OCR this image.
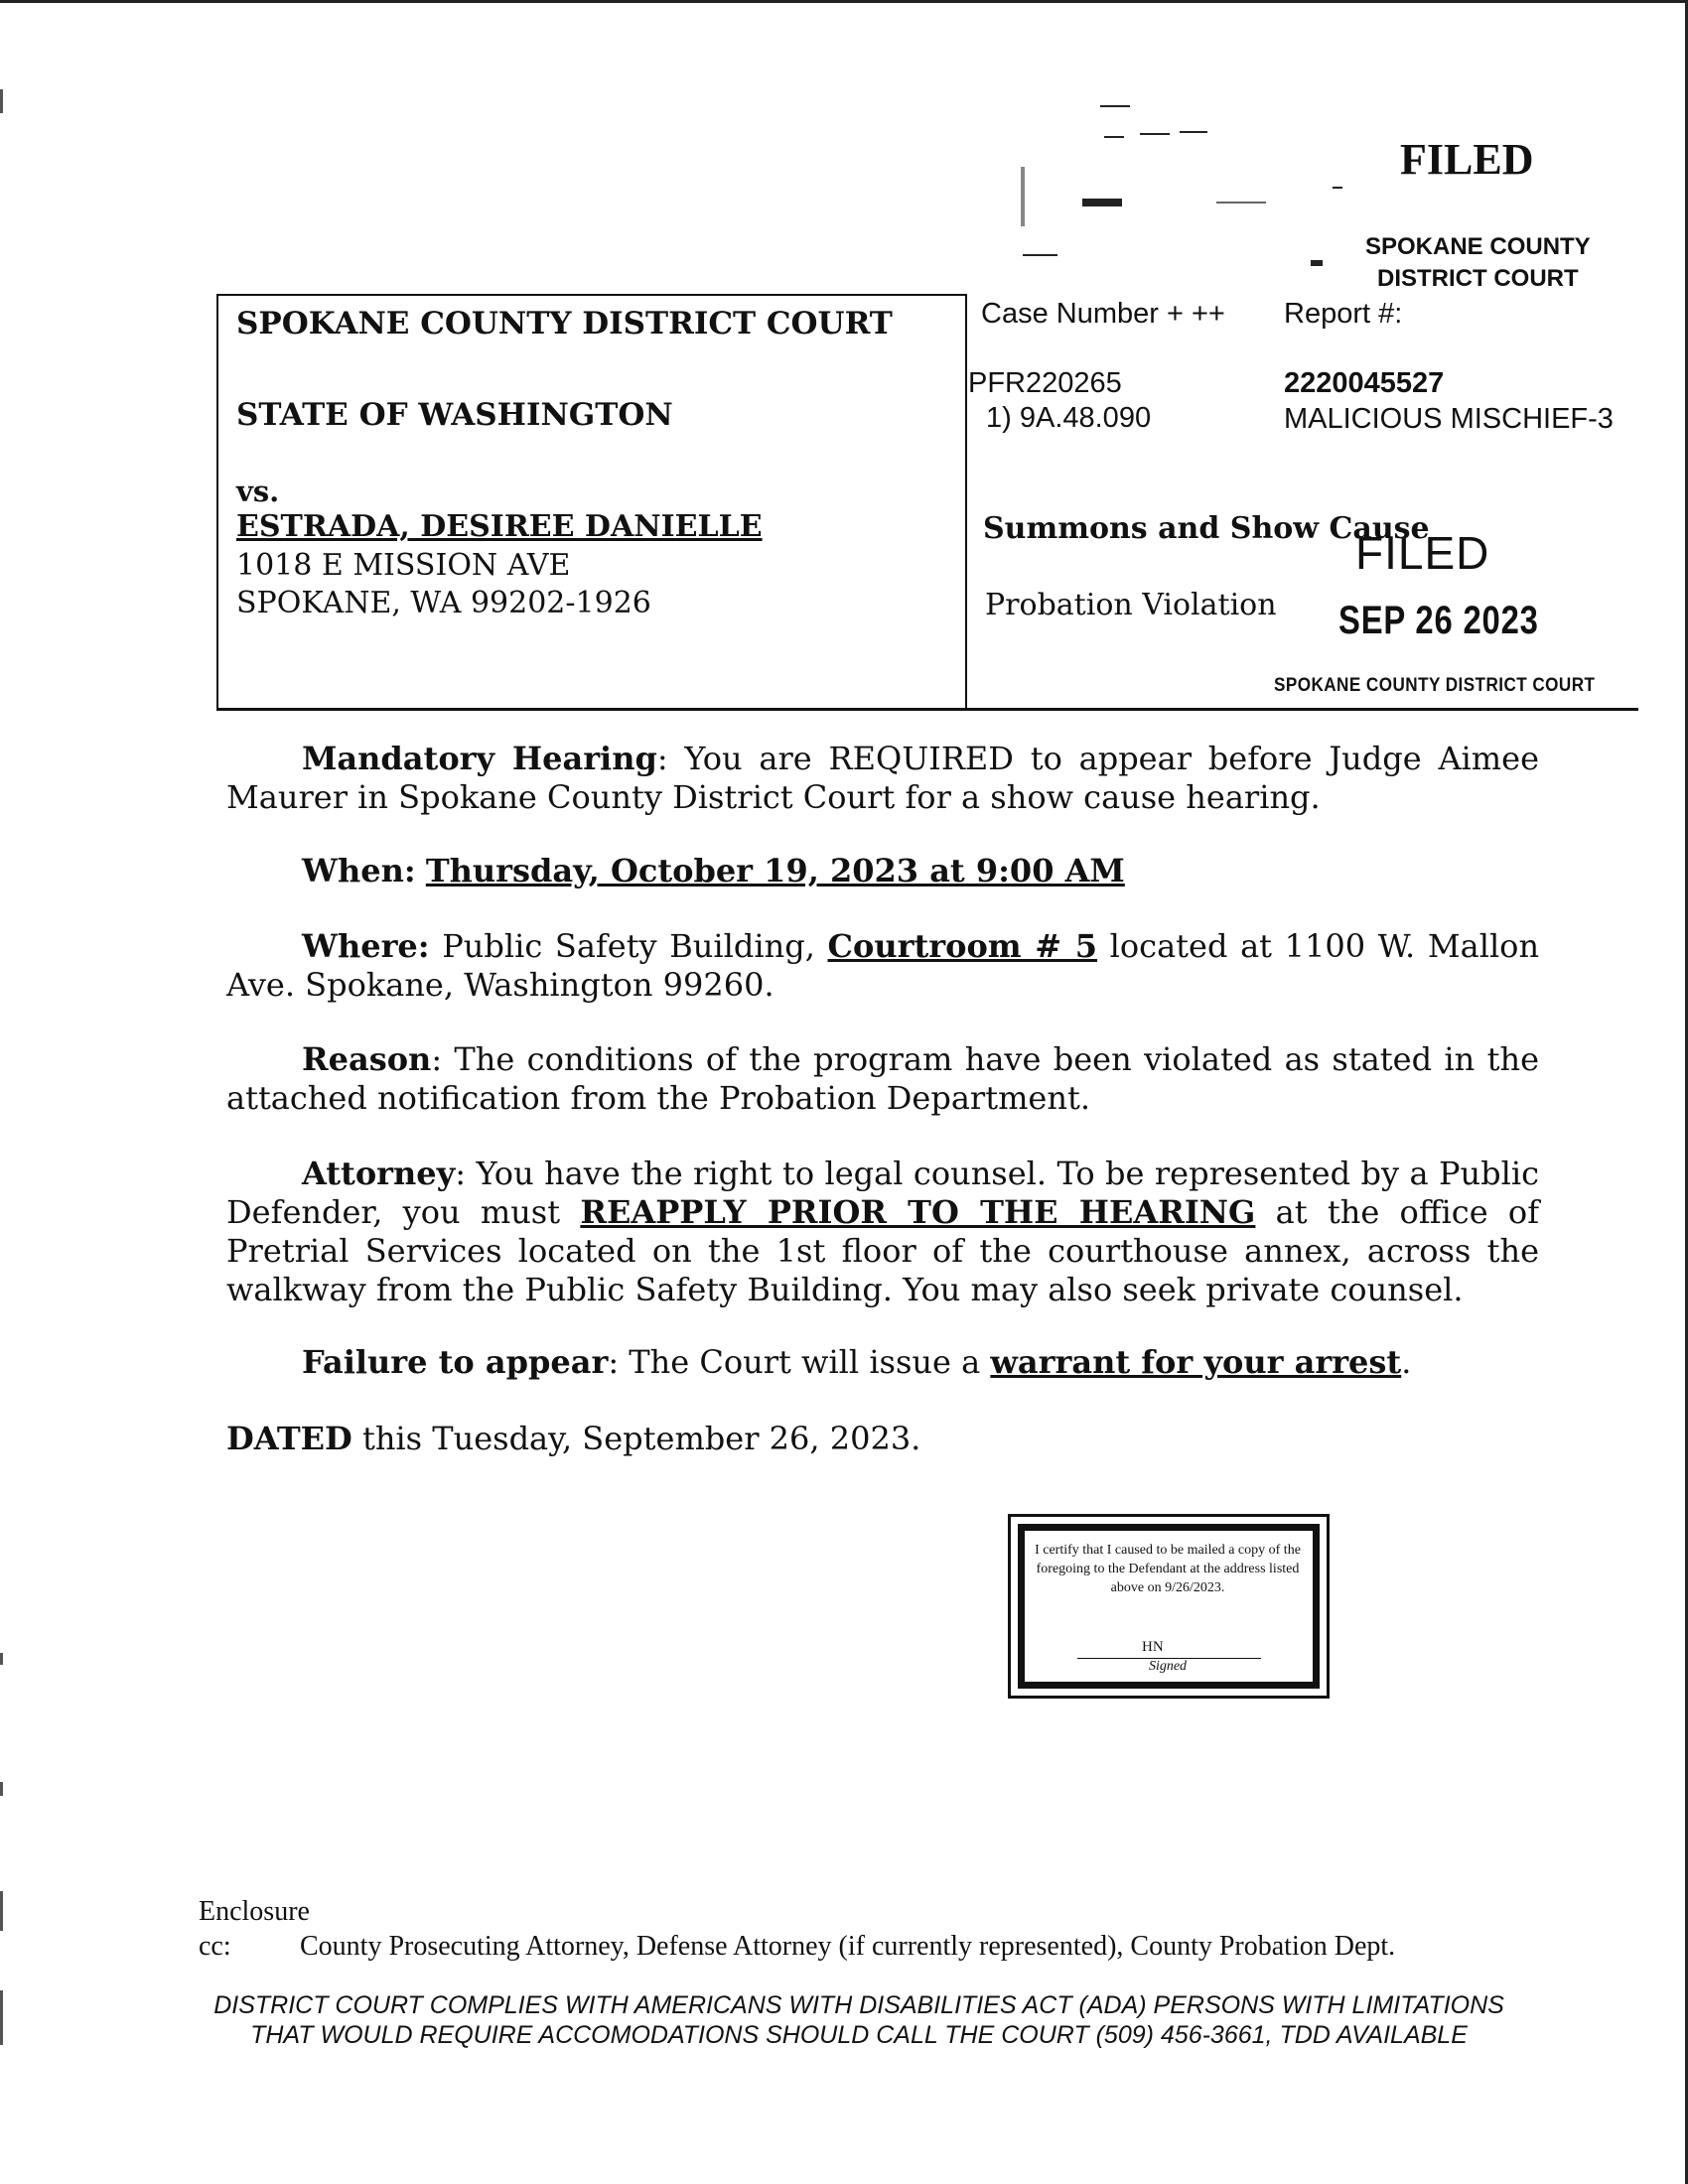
FILED
SPOKANE COUNTY
DISTRICT COURT
SPOKANE COUNTY DISTRICT COURT
STATE OF WASHINGTON
vs.
ESTRADA, DESIREE DANIELLE
1018 E MISSION AVE
SPOKANE, WA 99202-1926
Case Number + ++ Report #:
PFR220265
1) 9A.48.090
2220045527
MALICIOUS MISCHIEF-3
Summons and Show Cause
Probation Violation
FILED
SEP 26 2023
SPOKANE COUNTY DISTRICT COURT
Mandatory Hearing: You are REQUIRED to appear before Judge Aimee Maurer in Spokane County District Court for a show cause hearing.
When: Thursday, October 19, 2023 at 9:00 AM
Where: Public Safety Building, Courtroom # 5 located at 1100 W. Mallon Ave. Spokane, Washington 99260.
Reason: The conditions of the program have been violated as stated in the attached notification from the Probation Department.
Attorney: You have the right to legal counsel. To be represented by a Public Defender, you must REAPPLY PRIOR TO THE HEARING at the office of Pretrial Services located on the 1st floor of the courthouse annex, across the walkway from the Public Safety Building. You may also seek private counsel.
Failure to appear: The Court will issue a warrant for your arrest.
DATED this Tuesday, September 26, 2023.
I certify that I caused to be mailed a copy of the foregoing to the Defendant at the address listed above on 9/26/2023.
HN
Signed
Enclosure
cc: County Prosecuting Attorney, Defense Attorney (if currently represented), County Probation Dept.
DISTRICT COURT COMPLIES WITH AMERICANS WITH DISABILITIES ACT (ADA) PERSONS WITH LIMITATIONS THAT WOULD REQUIRE ACCOMODATIONS SHOULD CALL THE COURT (509) 456-3661, TDD AVAILABLE
